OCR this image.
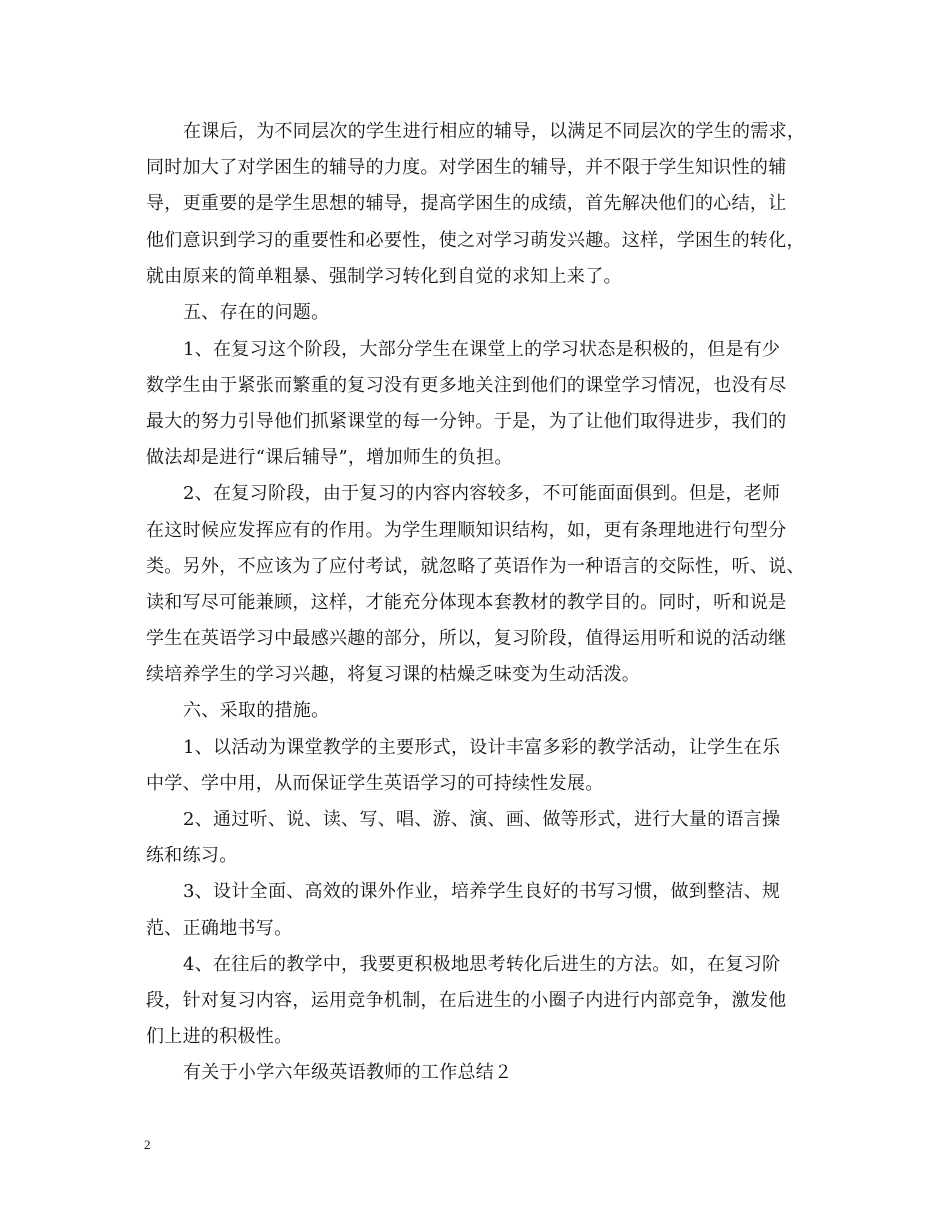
在课后，为不同层次的学生进行相应的辅导，以满足不同层次的学生的需求，
同时加大了对学困生的辅导的力度。对学困生的辅导，并不限于学生知识性的辅
导，更重要的是学生思想的辅导，提高学困生的成绩，首先解决他们的心结，让
他们意识到学习的重要性和必要性，使之对学习萌发兴趣。这样，学困生的转化，
就由原来的简单粗暴、强制学习转化到自觉的求知上来了。
五、存在的问题。
1、在复习这个阶段，大部分学生在课堂上的学习状态是积极的，但是有少
数学生由于紧张而繁重的复习没有更多地关注到他们的课堂学习情况，也没有尽
最大的努力引导他们抓紧课堂的每一分钟。于是，为了让他们取得进步，我们的
做法却是进行“课后辅导”，增加师生的负担。
2、在复习阶段，由于复习的内容内容较多，不可能面面俱到。但是，老师
在这时候应发挥应有的作用。为学生理顺知识结构，如，更有条理地进行句型分
类。另外，不应该为了应付考试，就忽略了英语作为一种语言的交际性，听、说、
读和写尽可能兼顾，这样，才能充分体现本套教材的教学目的。同时，听和说是
学生在英语学习中最感兴趣的部分，所以，复习阶段，值得运用听和说的活动继
续培养学生的学习兴趣，将复习课的枯燥乏味变为生动活泼。
六、采取的措施。
1、以活动为课堂教学的主要形式，设计丰富多彩的教学活动，让学生在乐
中学、学中用，从而保证学生英语学习的可持续性发展。
2、通过听、说、读、写、唱、游、演、画、做等形式，进行大量的语言操
练和练习。
3、设计全面、高效的课外作业，培养学生良好的书写习惯，做到整洁、规
范、正确地书写。
4、在往后的教学中，我要更积极地思考转化后进生的方法。如，在复习阶
段，针对复习内容，运用竞争机制，在后进生的小圈子内进行内部竞争，激发他
们上进的积极性。
有关于小学六年级英语教师的工作总结２
2
